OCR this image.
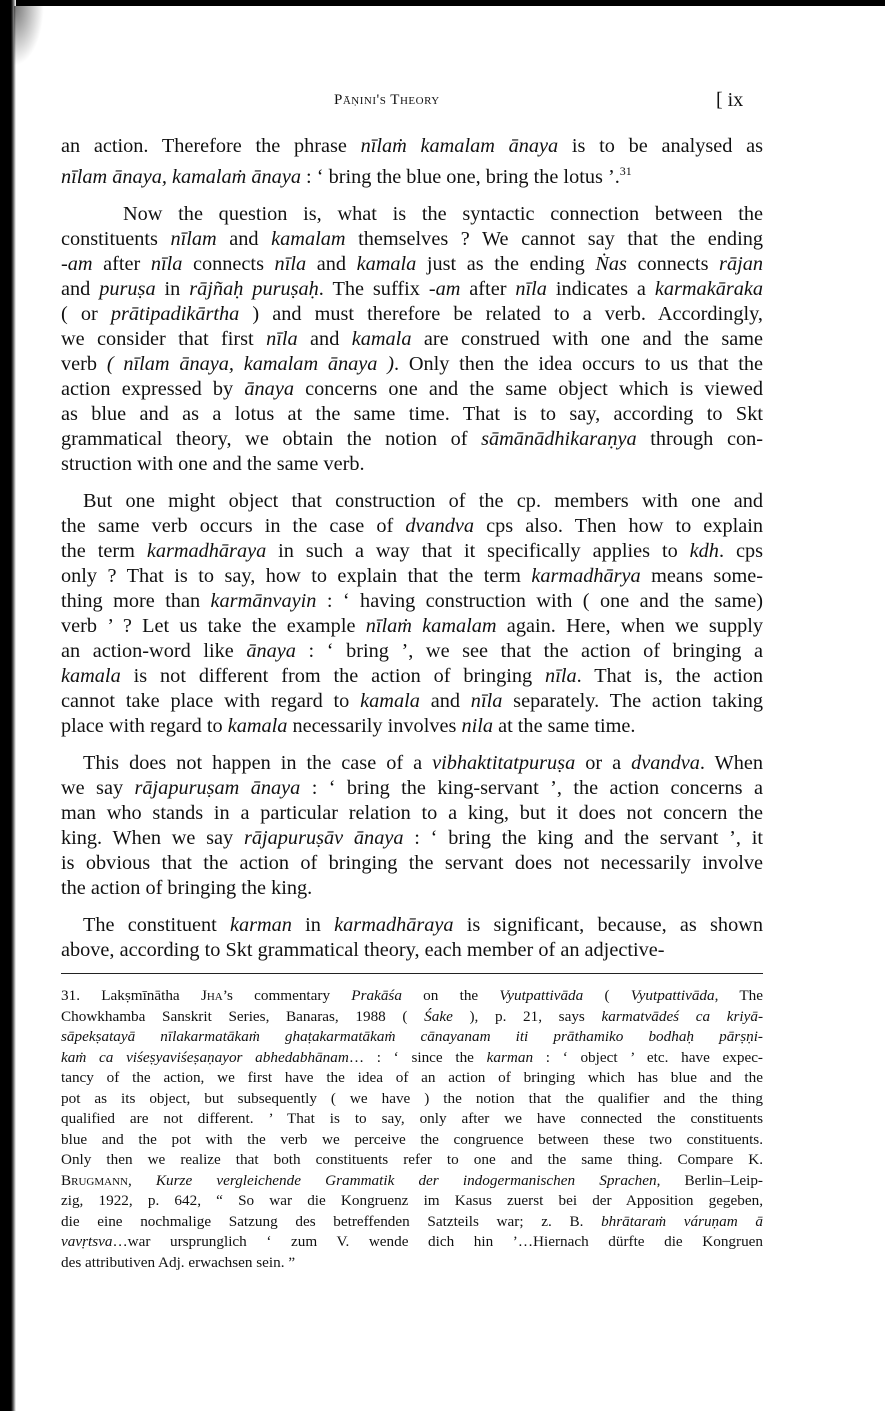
Pāṇini's Theory	[ ix
an action. Therefore the phrase nīlaṁ kamalam ānaya is to be analysed as
nīlam ānaya, kamalaṁ ānaya : ‘ bring the blue one, bring the lotus ’.$^{31}$
Now the question is, what is the syntactic connection between the
constituents nīlam and kamalam themselves ? We cannot say that the ending
-am after nīla connects nīla and kamala just as the ending Ṅas connects rājan
and puruṣa in rājñaḥ puruṣaḥ. The suffix -am after nīla indicates a karmakāraka
( or prātipadikārtha ) and must therefore be related to a verb. Accordingly,
we consider that first nīla and kamala are construed with one and the same
verb ( nīlam ānaya, kamalam ānaya ). Only then the idea occurs to us that the
action expressed by ānaya concerns one and the same object which is viewed
as blue and as a lotus at the same time. That is to say, according to Skt
grammatical theory, we obtain the notion of sāmānādhikaraṇya through con-
struction with one and the same verb.
But one might object that construction of the cp. members with one and
the same verb occurs in the case of dvandva cps also. Then how to explain
the term karmadhāraya in such a way that it specifically applies to kdh. cps
only ? That is to say, how to explain that the term karmadhārya means some-
thing more than karmānvayin : ‘ having construction with ( one and the same)
verb ’ ? Let us take the example nīlaṁ kamalam again. Here, when we supply
an action-word like ānaya : ‘ bring ’, we see that the action of bringing a
kamala is not different from the action of bringing nīla. That is, the action
cannot take place with regard to kamala and nīla separately. The action taking
place with regard to kamala necessarily involves nila at the same time.
This does not happen in the case of a vibhaktitatpuruṣa or a dvandva. When
we say rājapuruṣam ānaya : ‘ bring the king-servant ’, the action concerns a
man who stands in a particular relation to a king, but it does not concern the
king. When we say rājapuruṣāv ānaya : ‘ bring the king and the servant ’, it
is obvious that the action of bringing the servant does not necessarily involve
the action of bringing the king.
The constituent karman in karmadhāraya is significant, because, as shown
above, according to Skt grammatical theory, each member of an adjective-
31. Lakṣmīnātha Jha’s commentary Prakāśa on the Vyutpattivāda ( Vyutpattivāda, The
Chowkhamba Sanskrit Series, Banaras, 1988 ( Śake ), p. 21, says karmatvādeś ca kriyā-
sāpekṣatayā nīlakarmatākaṁ ghaṭakarmatākaṁ cānayanam iti prāthamiko bodhaḥ pārṣṇi-
kaṁ ca viśeṣyaviśeṣaṇayor abhedabhānam… : ‘ since the karman : ‘ object ’ etc. have expec-
tancy of the action, we first have the idea of an action of bringing which has blue and the
pot as its object, but subsequently ( we have ) the notion that the qualifier and the thing
qualified are not different. ’ That is to say, only after we have connected the constituents
blue and the pot with the verb we perceive the congruence between these two constituents.
Only then we realize that both constituents refer to one and the same thing. Compare K.
Brugmann, Kurze vergleichende Grammatik der indogermanischen Sprachen, Berlin–Leip-
zig, 1922, p. 642, “ So war die Kongruenz im Kasus zuerst bei der Apposition gegeben,
die eine nochmalige Satzung des betreffenden Satzteils war; z. B. bhrātaraṁ váruṇam ā
vavṛtsva…war ursprunglich ‘ zum V. wende dich hin ’…Hiernach dürfte die Kongruen
des attributiven Adj. erwachsen sein. ”
